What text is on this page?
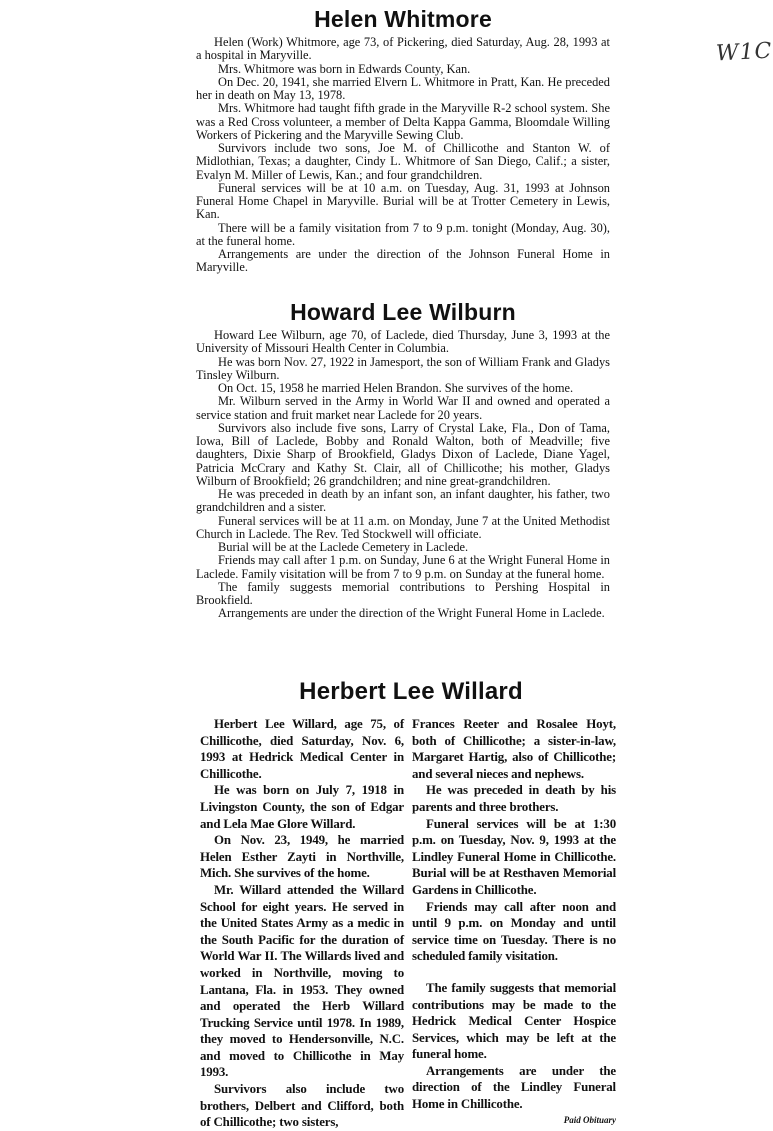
W1C
Helen Whitmore

Helen (Work) Whitmore, age 73, of Pickering, died Saturday, Aug. 28, 1993 at a hospital in Maryville.

Mrs. Whitmore was born in Edwards County, Kan.

On Dec. 20, 1941, she married Elvern L. Whitmore in Pratt, Kan. He preceded her in death on May 13, 1978.

Mrs. Whitmore had taught fifth grade in the Maryville R-2 school system. She was a Red Cross volunteer, a member of Delta Kappa Gamma, Bloomdale Willing Workers of Pickering and the Maryville Sewing Club.

Survivors include two sons, Joe M. of Chillicothe and Stanton W. of Midlothian, Texas; a daughter, Cindy L. Whitmore of San Diego, Calif.; a sister, Evalyn M. Miller of Lewis, Kan.; and four grandchildren.

Funeral services will be at 10 a.m. on Tuesday, Aug. 31, 1993 at Johnson Funeral Home Chapel in Maryville. Burial will be at Trotter Cemetery in Lewis, Kan.

There will be a family visitation from 7 to 9 p.m. tonight (Monday, Aug. 30), at the funeral home.

Arrangements are under the direction of the Johnson Funeral Home in Maryville.

Howard Lee Wilburn

Howard Lee Wilburn, age 70, of Laclede, died Thursday, June 3, 1993 at the University of Missouri Health Center in Columbia.

He was born Nov. 27, 1922 in Jamesport, the son of William Frank and Gladys Tinsley Wilburn.

On Oct. 15, 1958 he married Helen Brandon. She survives of the home.

Mr. Wilburn served in the Army in World War II and owned and operated a service station and fruit market near Laclede for 20 years.

Survivors also include five sons, Larry of Crystal Lake, Fla., Don of Tama, Iowa, Bill of Laclede, Bobby and Ronald Walton, both of Meadville; five daughters, Dixie Sharp of Brookfield, Gladys Dixon of Laclede, Diane Yagel, Patricia McCrary and Kathy St. Clair, all of Chillicothe; his mother, Gladys Wilburn of Brookfield; 26 grandchildren; and nine great-grandchildren.

He was preceded in death by an infant son, an infant daughter, his father, two grandchildren and a sister.

Funeral services will be at 11 a.m. on Monday, June 7 at the United Methodist Church in Laclede. The Rev. Ted Stockwell will officiate.

Burial will be at the Laclede Cemetery in Laclede.

Friends may call after 1 p.m. on Sunday, June 6 at the Wright Funeral Home in Laclede. Family visitation will be from 7 to 9 p.m. on Sunday at the funeral home.

The family suggests memorial contributions to Pershing Hospital in Brookfield.

Arrangements are under the direction of the Wright Funeral Home in Laclede.

Herbert Lee Willard

Herbert Lee Willard, age 75, of Chillicothe, died Saturday, Nov. 6, 1993 at Hedrick Medical Center in Chillicothe.

He was born on July 7, 1918 in Livingston County, the son of Edgar and Lela Mae Glore Willard.

On Nov. 23, 1949, he married Helen Esther Zayti in Northville, Mich. She survives of the home.

Mr. Willard attended the Willard School for eight years. He served in the United States Army as a medic in the South Pacific for the duration of World War II. The Willards lived and worked in Northville, moving to Lantana, Fla. in 1953. They owned and operated the Herb Willard Trucking Service until 1978. In 1989, they moved to Hendersonville, N.C. and moved to Chillicothe in May 1993.

Survivors also include two brothers, Delbert and Clifford, both of Chillicothe; two sisters,

Frances Reeter and Rosalee Hoyt, both of Chillicothe; a sister-in-law, Margaret Hartig, also of Chillicothe; and several nieces and nephews.

He was preceded in death by his parents and three brothers.

Funeral services will be at 1:30 p.m. on Tuesday, Nov. 9, 1993 at the Lindley Funeral Home in Chillicothe. Burial will be at Resthaven Memorial Gardens in Chillicothe.

Friends may call after noon and until 9 p.m. on Monday and until service time on Tuesday. There is no scheduled family visitation.

The family suggests that memorial contributions may be made to the Hedrick Medical Center Hospice Services, which may be left at the funeral home.

Arrangements are under the direction of the Lindley Funeral Home in Chillicothe.

Paid Obituary
